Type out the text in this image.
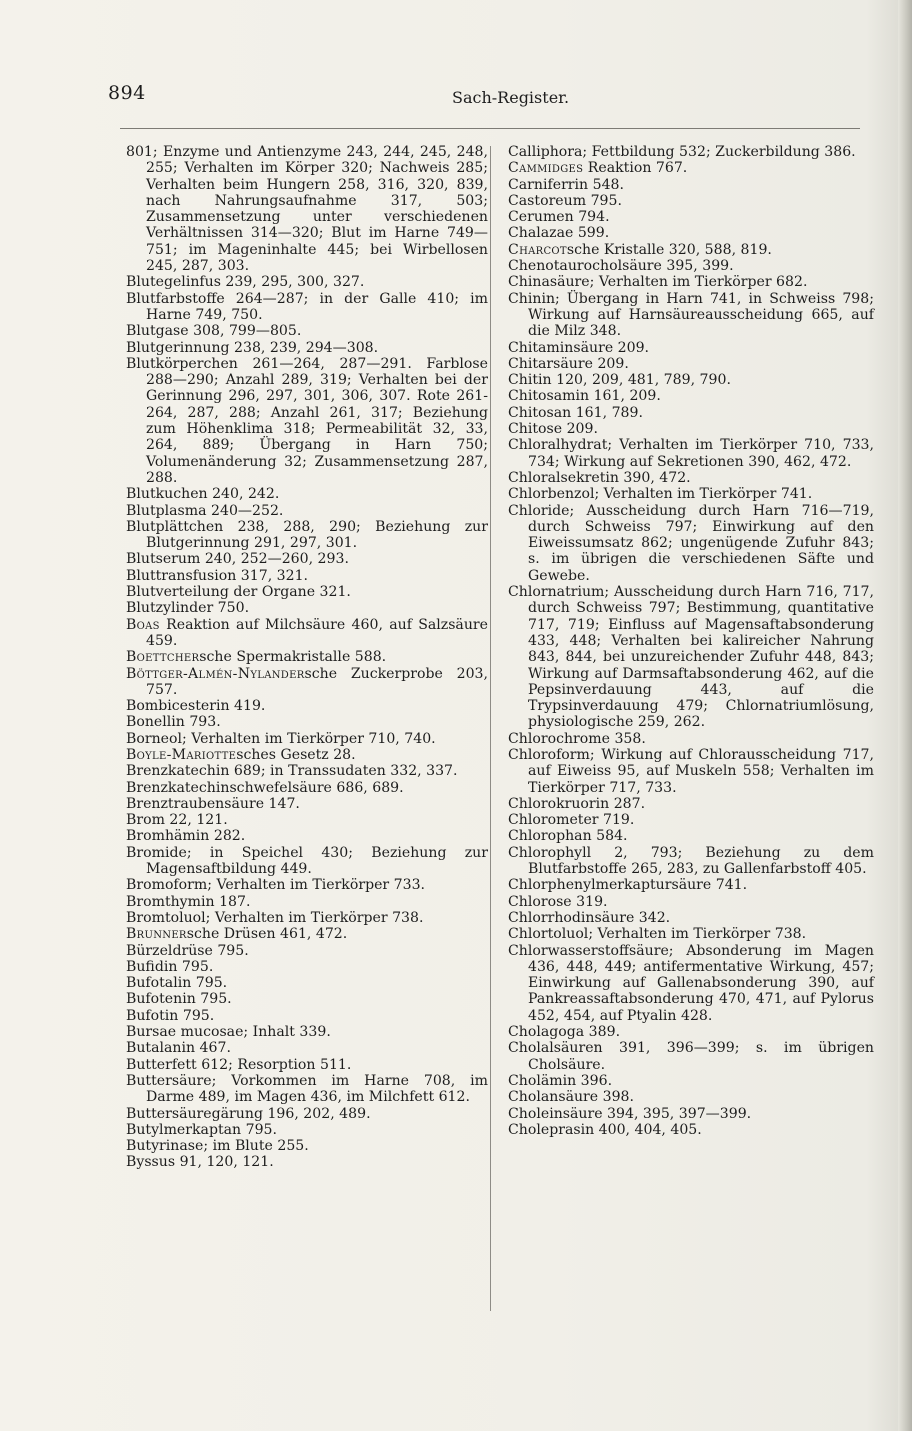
894	Sach-Register.

801; Enzyme und Antienzyme 243, 244, 245, 248, 255; Verhalten im Körper 320; Nachweis 285; Verhalten beim Hungern 258, 316, 320, 839, nach Nahrungsaufnahme 317, 503; Zusammensetzung unter verschiedenen Verhältnissen 314—320; Blut im Harne 749—751; im Mageninhalte 445; bei Wirbellosen 245, 287, 303.

Blutegelinfus 239, 295, 300, 327.

Blutfarbstoffe 264—287; in der Galle 410; im Harne 749, 750.

Blutgase 308, 799—805.

Blutgerinnung 238, 239, 294—308.

Blutkörperchen 261—264, 287—291. Farblose 288—290; Anzahl 289, 319; Verhalten bei der Gerinnung 296, 297, 301, 306, 307. Rote 261-264, 287, 288; Anzahl 261, 317; Beziehung zum Höhenklima 318; Permeabilität 32, 33, 264, 889; Übergang in Harn 750; Volumenänderung 32; Zusammensetzung 287, 288.

Blutkuchen 240, 242.

Blutplasma 240—252.

Blutplättchen 238, 288, 290; Beziehung zur Blutgerinnung 291, 297, 301.

Blutserum 240, 252—260, 293.

Bluttransfusion 317, 321.

Blutverteilung der Organe 321.

Blutzylinder 750.

Boas Reaktion auf Milchsäure 460, auf Salzsäure 459.

Boettchersche Spermakristalle 588.

Böttger-Almén-Nylandersche Zuckerprobe 203, 757.

Bombicesterin 419.

Bonellin 793.

Borneol; Verhalten im Tierkörper 710, 740.

Boyle-Mariottesches Gesetz 28.

Brenzkatechin 689; in Transsudaten 332, 337.

Brenzkatechinschwefelsäure 686, 689.

Brenztraubensäure 147.

Brom 22, 121.

Bromhämin 282.

Bromide; in Speichel 430; Beziehung zur Magensaftbildung 449.

Bromoform; Verhalten im Tierkörper 733.

Bromthymin 187.

Bromtoluol; Verhalten im Tierkörper 738.

Brunnersche Drüsen 461, 472.

Bürzeldrüse 795.

Bufidin 795.

Bufotalin 795.

Bufotenin 795.

Bufotin 795.

Bursae mucosae; Inhalt 339.

Butalanin 467.

Butterfett 612; Resorption 511.

Buttersäure; Vorkommen im Harne 708, im Darme 489, im Magen 436, im Milchfett 612.

Buttersäuregärung 196, 202, 489.

Butylmerkaptan 795.

Butyrinase; im Blute 255.

Byssus 91, 120, 121.

Calliphora; Fettbildung 532; Zuckerbildung 386.

Cammidges Reaktion 767.

Carniferrin 548.

Castoreum 795.

Cerumen 794.

Chalazae 599.

Charcotsche Kristalle 320, 588, 819.

Chenotaurocholsäure 395, 399.

Chinasäure; Verhalten im Tierkörper 682.

Chinin; Übergang in Harn 741, in Schweiss 798; Wirkung auf Harnsäureausscheidung 665, auf die Milz 348.

Chitaminsäure 209.

Chitarsäure 209.

Chitin 120, 209, 481, 789, 790.

Chitosamin 161, 209.

Chitosan 161, 789.

Chitose 209.

Chloralhydrat; Verhalten im Tierkörper 710, 733, 734; Wirkung auf Sekretionen 390, 462, 472.

Chloralsekretin 390, 472.

Chlorbenzol; Verhalten im Tierkörper 741.

Chloride; Ausscheidung durch Harn 716—719, durch Schweiss 797; Einwirkung auf den Eiweissumsatz 862; ungenügende Zufuhr 843; s. im übrigen die verschiedenen Säfte und Gewebe.

Chlornatrium; Ausscheidung durch Harn 716, 717, durch Schweiss 797; Bestimmung, quantitative 717, 719; Einfluss auf Magensaftabsonderung 433, 448; Verhalten bei kalireicher Nahrung 843, 844, bei unzureichender Zufuhr 448, 843; Wirkung auf Darmsaftabsonderung 462, auf die Pepsinverdauung 443, auf die Trypsinverdauung 479; Chlornatriumlösung, physiologische 259, 262.

Chlorochrome 358.

Chloroform; Wirkung auf Chlorausscheidung 717, auf Eiweiss 95, auf Muskeln 558; Verhalten im Tierkörper 717, 733.

Chlorokruorin 287.

Chlorometer 719.

Chlorophan 584.

Chlorophyll 2, 793; Beziehung zu dem Blutfarbstoffe 265, 283, zu Gallenfarbstoff 405.

Chlorphenylmerkaptursäure 741.

Chlorose 319.

Chlorrhodinsäure 342.

Chlortoluol; Verhalten im Tierkörper 738.

Chlorwasserstoffsäure; Absonderung im Magen 436, 448, 449; antifermentative Wirkung, 457; Einwirkung auf Gallenabsonderung 390, auf Pankreassaftabsonderung 470, 471, auf Pylorus 452, 454, auf Ptyalin 428.

Cholagoga 389.

Cholalsäuren 391, 396—399; s. im übrigen Cholsäure.

Cholämin 396.

Cholansäure 398.

Choleinsäure 394, 395, 397—399.

Choleprasin 400, 404, 405.
